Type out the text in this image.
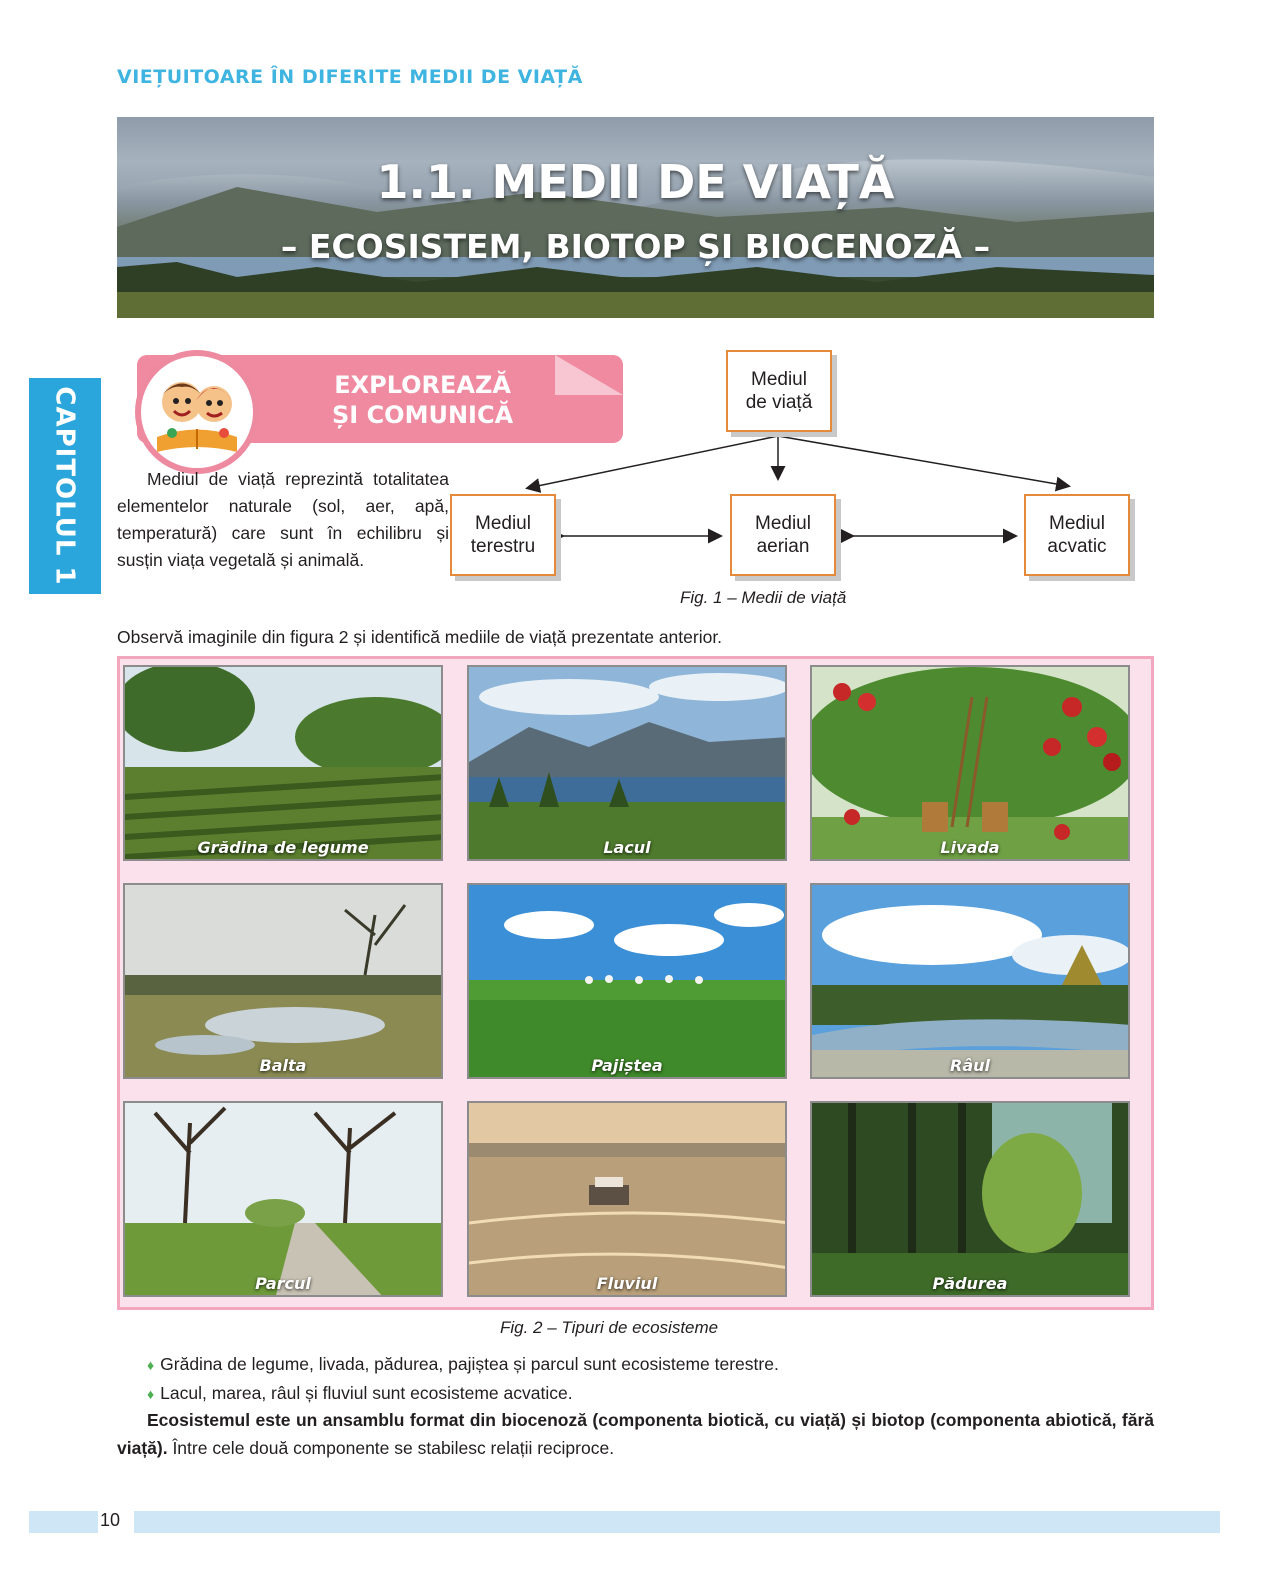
VIEȚUITOARE ÎN DIFERITE MEDII DE VIAȚĂ
CAPITOLUL 1
1.1. MEDII DE VIAȚĂ
– ECOSISTEM, BIOTOP ȘI BIOCENOZĂ –
EXPLOREAZĂ
ȘI COMUNICĂ

Mediul de viață reprezintă totalitatea elementelor naturale (sol, aer, apă, temperatură) care sunt în echilibru și susțin viața vegetală și animală.

Mediul
de viață
Mediul
terestru
Mediul
aerian
Mediul
acvatic
Fig. 1 – Medii de viață

Observă imaginile din figura 2 și identifică mediile de viață prezentate anterior.

Grădina de legume	Lacul	Livada
Balta	Pajiștea	Râul
Parcul	Fluviul	Pădurea
Fig. 2 – Tipuri de ecosisteme
♦ Grădina de legume, livada, pădurea, pajiștea și parcul sunt ecosisteme terestre.
♦ Lacul, marea, râul și fluviul sunt ecosisteme acvatice.

Ecosistemul este un ansamblu format din biocenoză (componenta biotică, cu viață) și biotop (componenta abiotică, fără viață). Între cele două componente se stabilesc relații reciproce.

10
